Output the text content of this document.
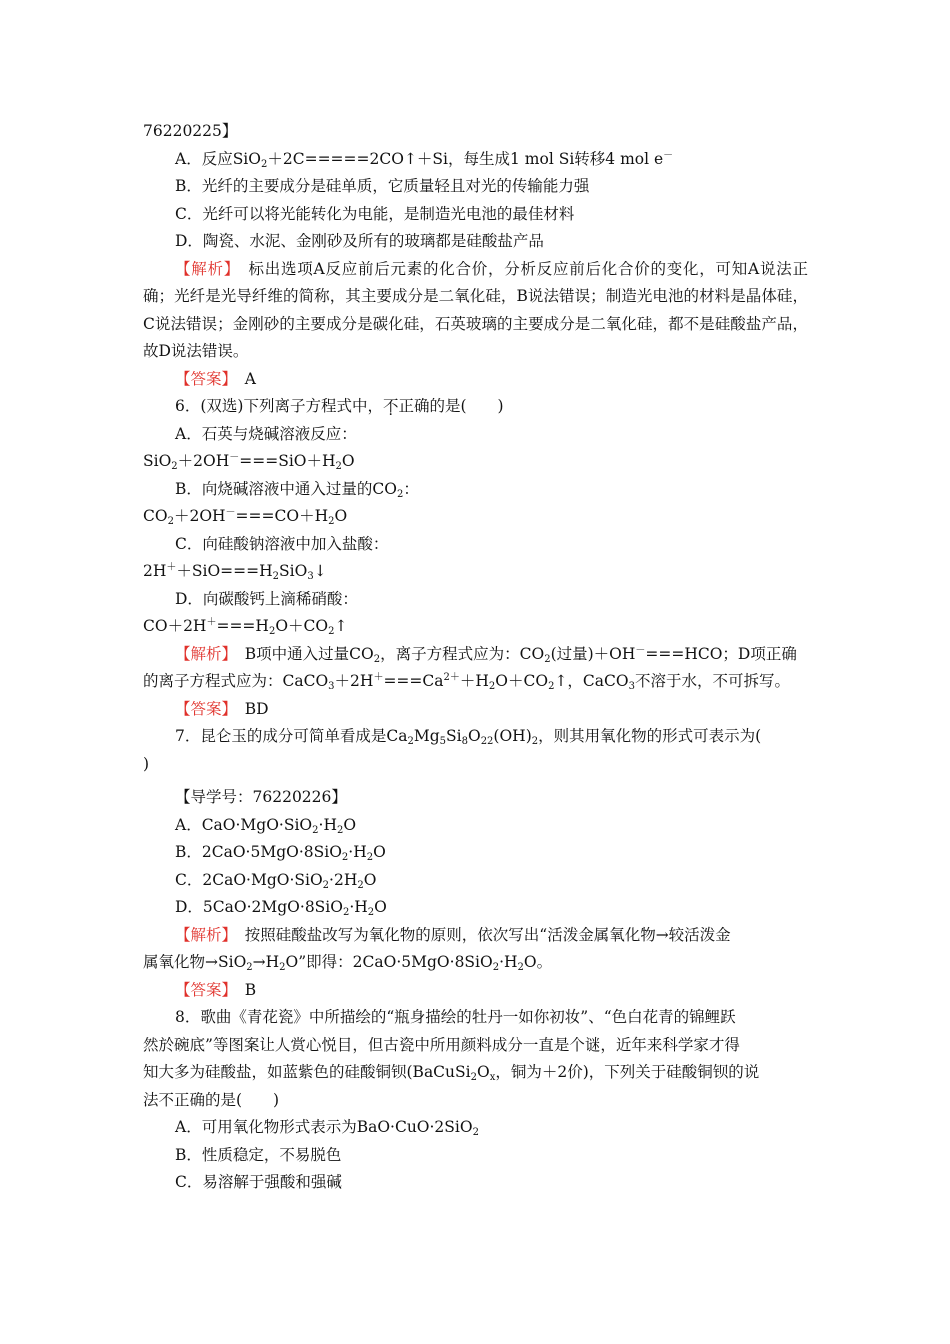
76220225】
A．反应SiO$_2$＋2C=====2CO↑＋Si，每生成1 mol Si转移4 mol e－
B．光纤的主要成分是硅单质，它质量轻且对光的传输能力强
C．光纤可以将光能转化为电能，是制造光电池的最佳材料
D．陶瓷、水泥、金刚砂及所有的玻璃都是硅酸盐产品
【解析】　标出选项A反应前后元素的化合价，分析反应前后化合价的变化，可知A说法正确；光纤是光导纤维的简称，其主要成分是二氧化硅，B说法错误；制造光电池的材料是晶体硅，C说法错误；金刚砂的主要成分是碳化硅，石英玻璃的主要成分是二氧化硅，都不是硅酸盐产品，故D说法错误。
【答案】　A
6．(双选)下列离子方程式中，不正确的是(　　)
A．石英与烧碱溶液反应：
$SiO_2+2OH^-===SiO+H_2O$
B．向烧碱溶液中通入过量的$CO_2$：
$CO_2+2OH^-===CO+H_2O$
C．向硅酸钠溶液中加入盐酸：
$2H^++SiO===H_2SiO_3↓$
D．向碳酸钙上滴稀硝酸：
$CO+2H^+===H_2O+CO_2↑$
【解析】　B项中通入过量$CO_2$，离子方程式应为：$CO_2$(过量)＋OH－===HCO；D项正确
的离子方程式应为：$CaCO_3+2H^+===Ca^{2+}+H_2O+CO_2↑$，CaCO$_3$不溶于水，不可拆写。
【答案】　BD
7．昆仑玉的成分可简单看成是$Ca_2Mg_5Si_8O_{22}(OH)_2$，则其用氧化物的形式可表示为(
)
【导学号：76220226】
A．$CaO\cdot MgO\cdot SiO_2\cdot H_2O$
B．$2CaO\cdot 5MgO\cdot 8SiO_2\cdot H_2O$
C．$2CaO\cdot MgO\cdot SiO_2\cdot 2H_2O$
D．$5CaO\cdot 2MgO\cdot 8SiO_2\cdot H_2O$
【解析】　按照硅酸盐改写为氧化物的原则，依次写出“活泼金属氧化物→较活泼金
属氧化物$\to SiO_2\to H_2O$”即得：$2CaO\cdot 5MgO\cdot 8SiO_2\cdot H_2O$。
【答案】　B
8．歌曲《青花瓷》中所描绘的“瓶身描绘的牡丹一如你初妆”、“色白花青的锦鲤跃
然於碗底”等图案让人赏心悦目，但古瓷中所用颜料成分一直是个谜，近年来科学家才得
知大多为硅酸盐，如蓝紫色的硅酸铜钡($BaCuSi_2O_x$，铜为＋2价)，下列关于硅酸铜钡的说
法不正确的是(　　)
A．可用氧化物形式表示为BaO·CuO·2SiO$_2$
B．性质稳定，不易脱色
C．易溶解于强酸和强碱
